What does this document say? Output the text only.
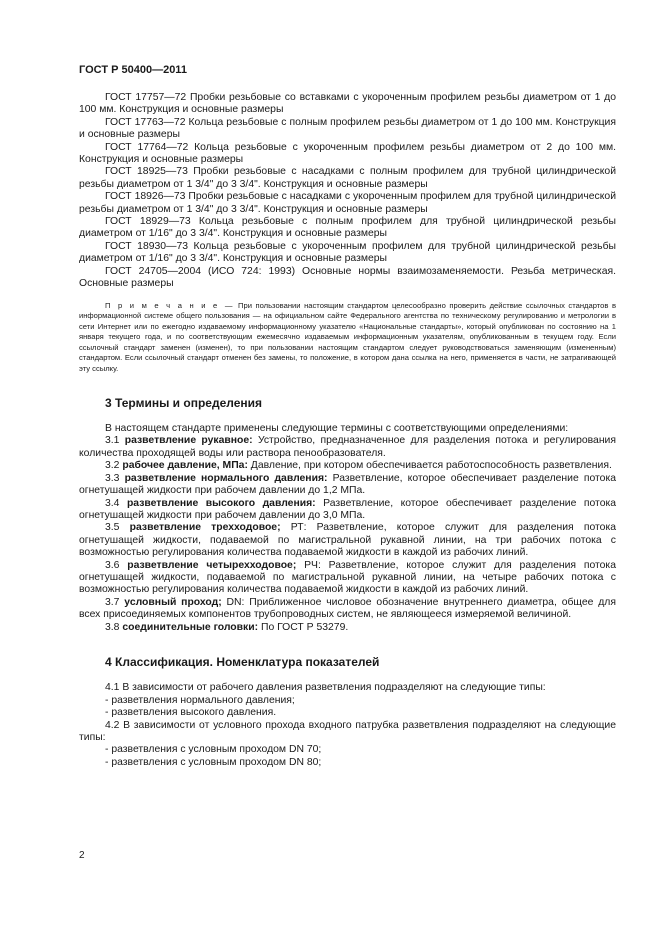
ГОСТ Р 50400—2011

ГОСТ 17757—72 Пробки резьбовые со вставками с укороченным профилем резьбы диаметром от 1 до 100 мм. Конструкция и основные размеры

ГОСТ 17763—72 Кольца резьбовые с полным профилем резьбы диаметром от 1 до 100 мм. Конструкция и основные размеры

ГОСТ 17764—72 Кольца резьбовые с укороченным профилем резьбы диаметром от 2 до 100 мм. Конструкция и основные размеры

ГОСТ 18925—73 Пробки резьбовые с насадками с полным профилем для трубной цилиндрической резьбы диаметром от 1 3/4" до 3 3/4". Конструкция и основные размеры

ГОСТ 18926—73 Пробки резьбовые с насадками с укороченным профилем для трубной цилиндрической резьбы диаметром от 1 3/4" до 3 3/4". Конструкция и основные размеры

ГОСТ 18929—73 Кольца резьбовые с полным профилем для трубной цилиндрической резьбы диаметром от 1/16" до 3 3/4". Конструкция и основные размеры

ГОСТ 18930—73 Кольца резьбовые с укороченным профилем для трубной цилиндрической резьбы диаметром от 1/16" до 3 3/4". Конструкция и основные размеры

ГОСТ 24705—2004 (ИСО 724: 1993) Основные нормы взаимозаменяемости. Резьба метрическая. Основные размеры

П р и м е ч а н и е — При пользовании настоящим стандартом целесообразно проверить действие ссылочных стандартов в информационной системе общего пользования — на официальном сайте Федерального агентства по техническому регулированию и метрологии в сети Интернет или по ежегодно издаваемому информационному указателю «Национальные стандарты», который опубликован по состоянию на 1 января текущего года, и по соответствующим ежемесячно издаваемым информационным указателям, опубликованным в текущем году. Если ссылочный стандарт заменен (изменен), то при пользовании настоящим стандартом следует руководствоваться заменяющим (измененным) стандартом. Если ссылочный стандарт отменен без замены, то положение, в котором дана ссылка на него, применяется в части, не затрагивающей эту ссылку.

3 Термины и определения

В настоящем стандарте применены следующие термины с соответствующими определениями:

3.1 разветвление рукавное: Устройство, предназначенное для разделения потока и регулирования количества проходящей воды или раствора пенообразователя.

3.2 рабочее давление, МПа: Давление, при котором обеспечивается работоспособность разветвления.

3.3 разветвление нормального давления: Разветвление, которое обеспечивает разделение потока огнетушащей жидкости при рабочем давлении до 1,2 МПа.

3.4 разветвление высокого давления: Разветвление, которое обеспечивает разделение потока огнетушащей жидкости при рабочем давлении до 3,0 МПа.

3.5 разветвление трехходовое; РТ: Разветвление, которое служит для разделения потока огнетушащей жидкости, подаваемой по магистральной рукавной линии, на три рабочих потока с возможностью регулирования количества подаваемой жидкости в каждой из рабочих линий.

3.6 разветвление четырехходовое; РЧ: Разветвление, которое служит для разделения потока огнетушащей жидкости, подаваемой по магистральной рукавной линии, на четыре рабочих потока с возможностью регулирования количества подаваемой жидкости в каждой из рабочих линий.

3.7 условный проход; DN: Приближенное числовое обозначение внутреннего диаметра, общее для всех присоединяемых компонентов трубопроводных систем, не являющееся измеряемой величиной.

3.8 соединительные головки: По ГОСТ Р 53279.

4 Классификация. Номенклатура показателей

4.1 В зависимости от рабочего давления разветвления подразделяют на следующие типы:

- разветвления нормального давления;

- разветвления высокого давления.

4.2 В зависимости от условного прохода входного патрубка разветвления подразделяют на следующие типы:

- разветвления с условным проходом DN 70;

- разветвления с условным проходом DN 80;

2
